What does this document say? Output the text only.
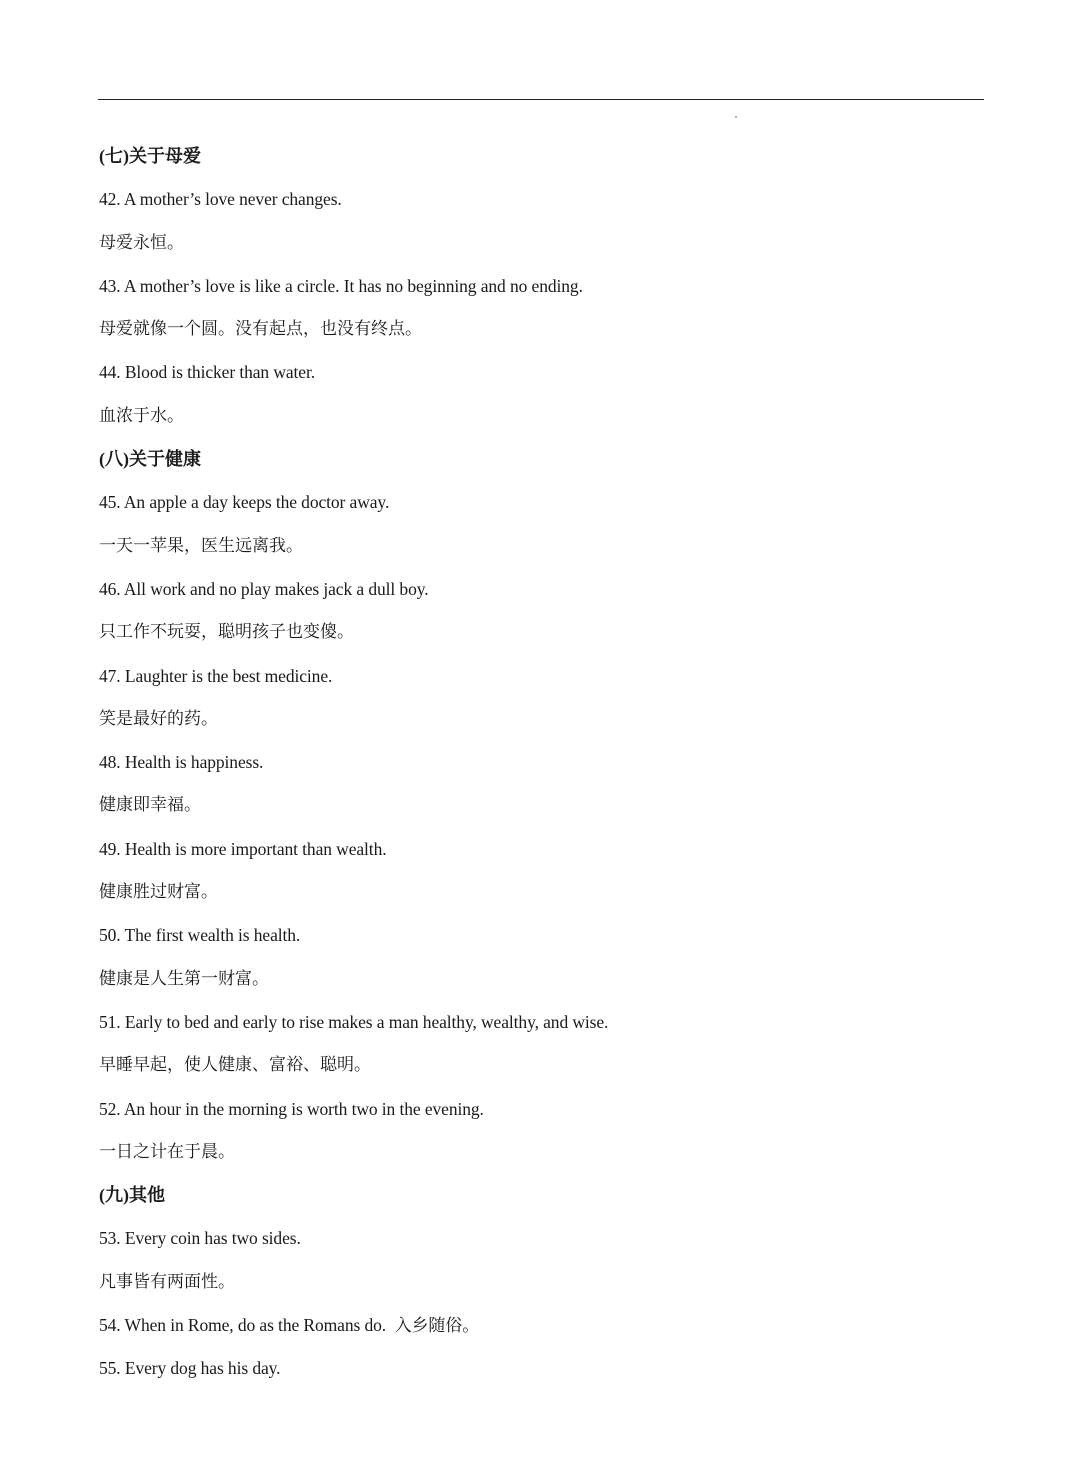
(七)关于母爱
42. A mother’s love never changes.
母爱永恒。
43. A mother’s love is like a circle. It has no beginning and no ending.
母爱就像一个圆。没有起点，也没有终点。
44. Blood is thicker than water.
血浓于水。
(八)关于健康
45. An apple a day keeps the doctor away.
一天一苹果，医生远离我。
46. All work and no play makes jack a dull boy.
只工作不玩耍，聪明孩子也变傻。
47. Laughter is the best medicine.
笑是最好的药。
48. Health is happiness.
健康即幸福。
49. Health is more important than wealth.
健康胜过财富。
50. The first wealth is health.
健康是人生第一财富。
51. Early to bed and early to rise makes a man healthy, wealthy, and wise.
早睡早起，使人健康、富裕、聪明。
52. An hour in the morning is worth two in the evening.
一日之计在于晨。
(九)其他
53. Every coin has two sides.
凡事皆有两面性。
54. When in Rome, do as the Romans do. 入乡随俗。
55. Every dog has his day.
